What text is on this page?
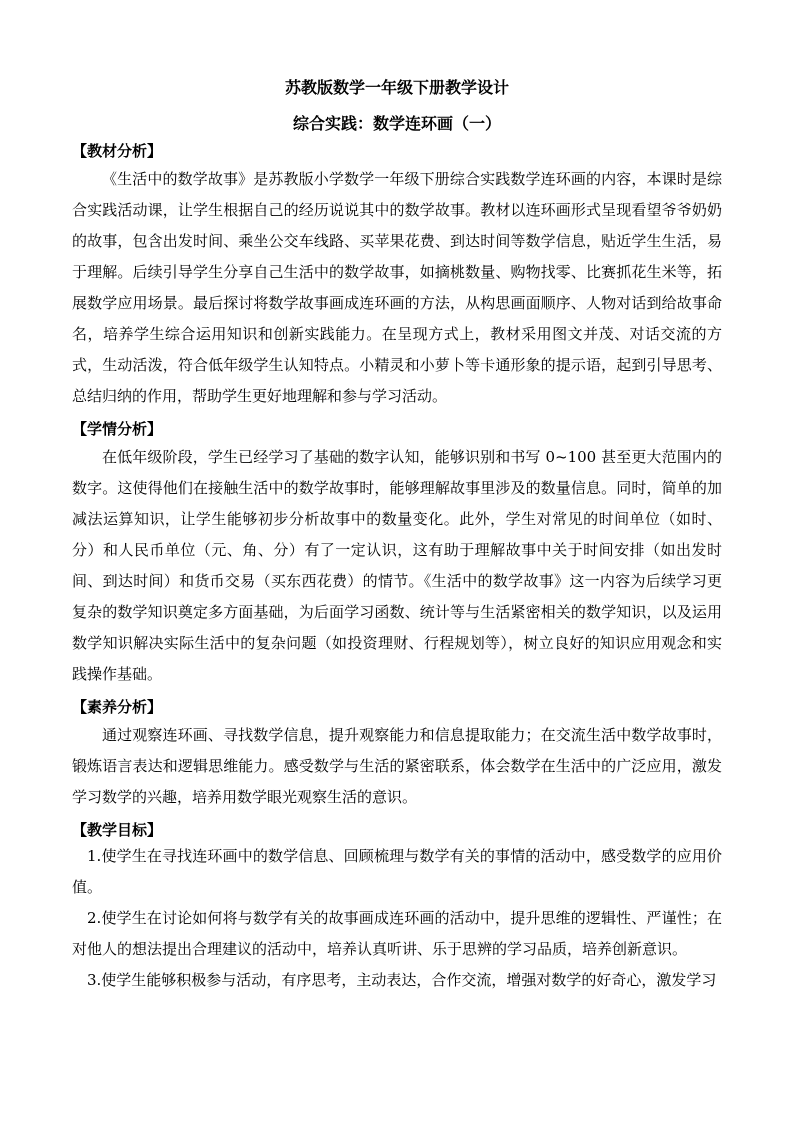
苏教版数学一年级下册教学设计
综合实践：数学连环画（一）
【教材分析】

《生活中的数学故事》是苏教版小学数学一年级下册综合实践数学连环画的内容，本课时是综合实践活动课，让学生根据自己的经历说说其中的数学故事。教材以连环画形式呈现看望爷爷奶奶的故事，包含出发时间、乘坐公交车线路、买苹果花费、到达时间等数学信息，贴近学生生活，易于理解。后续引导学生分享自己生活中的数学故事，如摘桃数量、购物找零、比赛抓花生米等，拓展数学应用场景。最后探讨将数学故事画成连环画的方法，从构思画面顺序、人物对话到给故事命名，培养学生综合运用知识和创新实践能力。在呈现方式上，教材采用图文并茂、对话交流的方式，生动活泼，符合低年级学生认知特点。小精灵和小萝卜等卡通形象的提示语，起到引导思考、总结归纳的作用，帮助学生更好地理解和参与学习活动。

【学情分析】

在低年级阶段，学生已经学习了基础的数字认知，能够识别和书写 0~100 甚至更大范围内的数字。这使得他们在接触生活中的数学故事时，能够理解故事里涉及的数量信息。同时，简单的加减法运算知识，让学生能够初步分析故事中的数量变化。此外，学生对常见的时间单位（如时、分）和人民币单位（元、角、分）有了一定认识，这有助于理解故事中关于时间安排（如出发时间、到达时间）和货币交易（买东西花费）的情节。《生活中的数学故事》这一内容为后续学习更复杂的数学知识奠定多方面基础，为后面学习函数、统计等与生活紧密相关的数学知识，以及运用数学知识解决实际生活中的复杂问题（如投资理财、行程规划等），树立良好的知识应用观念和实践操作基础。

【素养分析】

通过观察连环画、寻找数学信息，提升观察能力和信息提取能力；在交流生活中数学故事时，锻炼语言表达和逻辑思维能力。感受数学与生活的紧密联系，体会数学在生活中的广泛应用，激发学习数学的兴趣，培养用数学眼光观察生活的意识。

【教学目标】

1.使学生在寻找连环画中的数学信息、回顾梳理与数学有关的事情的活动中，感受数学的应用价值。

2.使学生在讨论如何将与数学有关的故事画成连环画的活动中，提升思维的逻辑性、严谨性；在对他人的想法提出合理建议的活动中，培养认真听讲、乐于思辨的学习品质，培养创新意识。

3.使学生能够积极参与活动，有序思考，主动表达，合作交流，增强对数学的好奇心，激发学习
